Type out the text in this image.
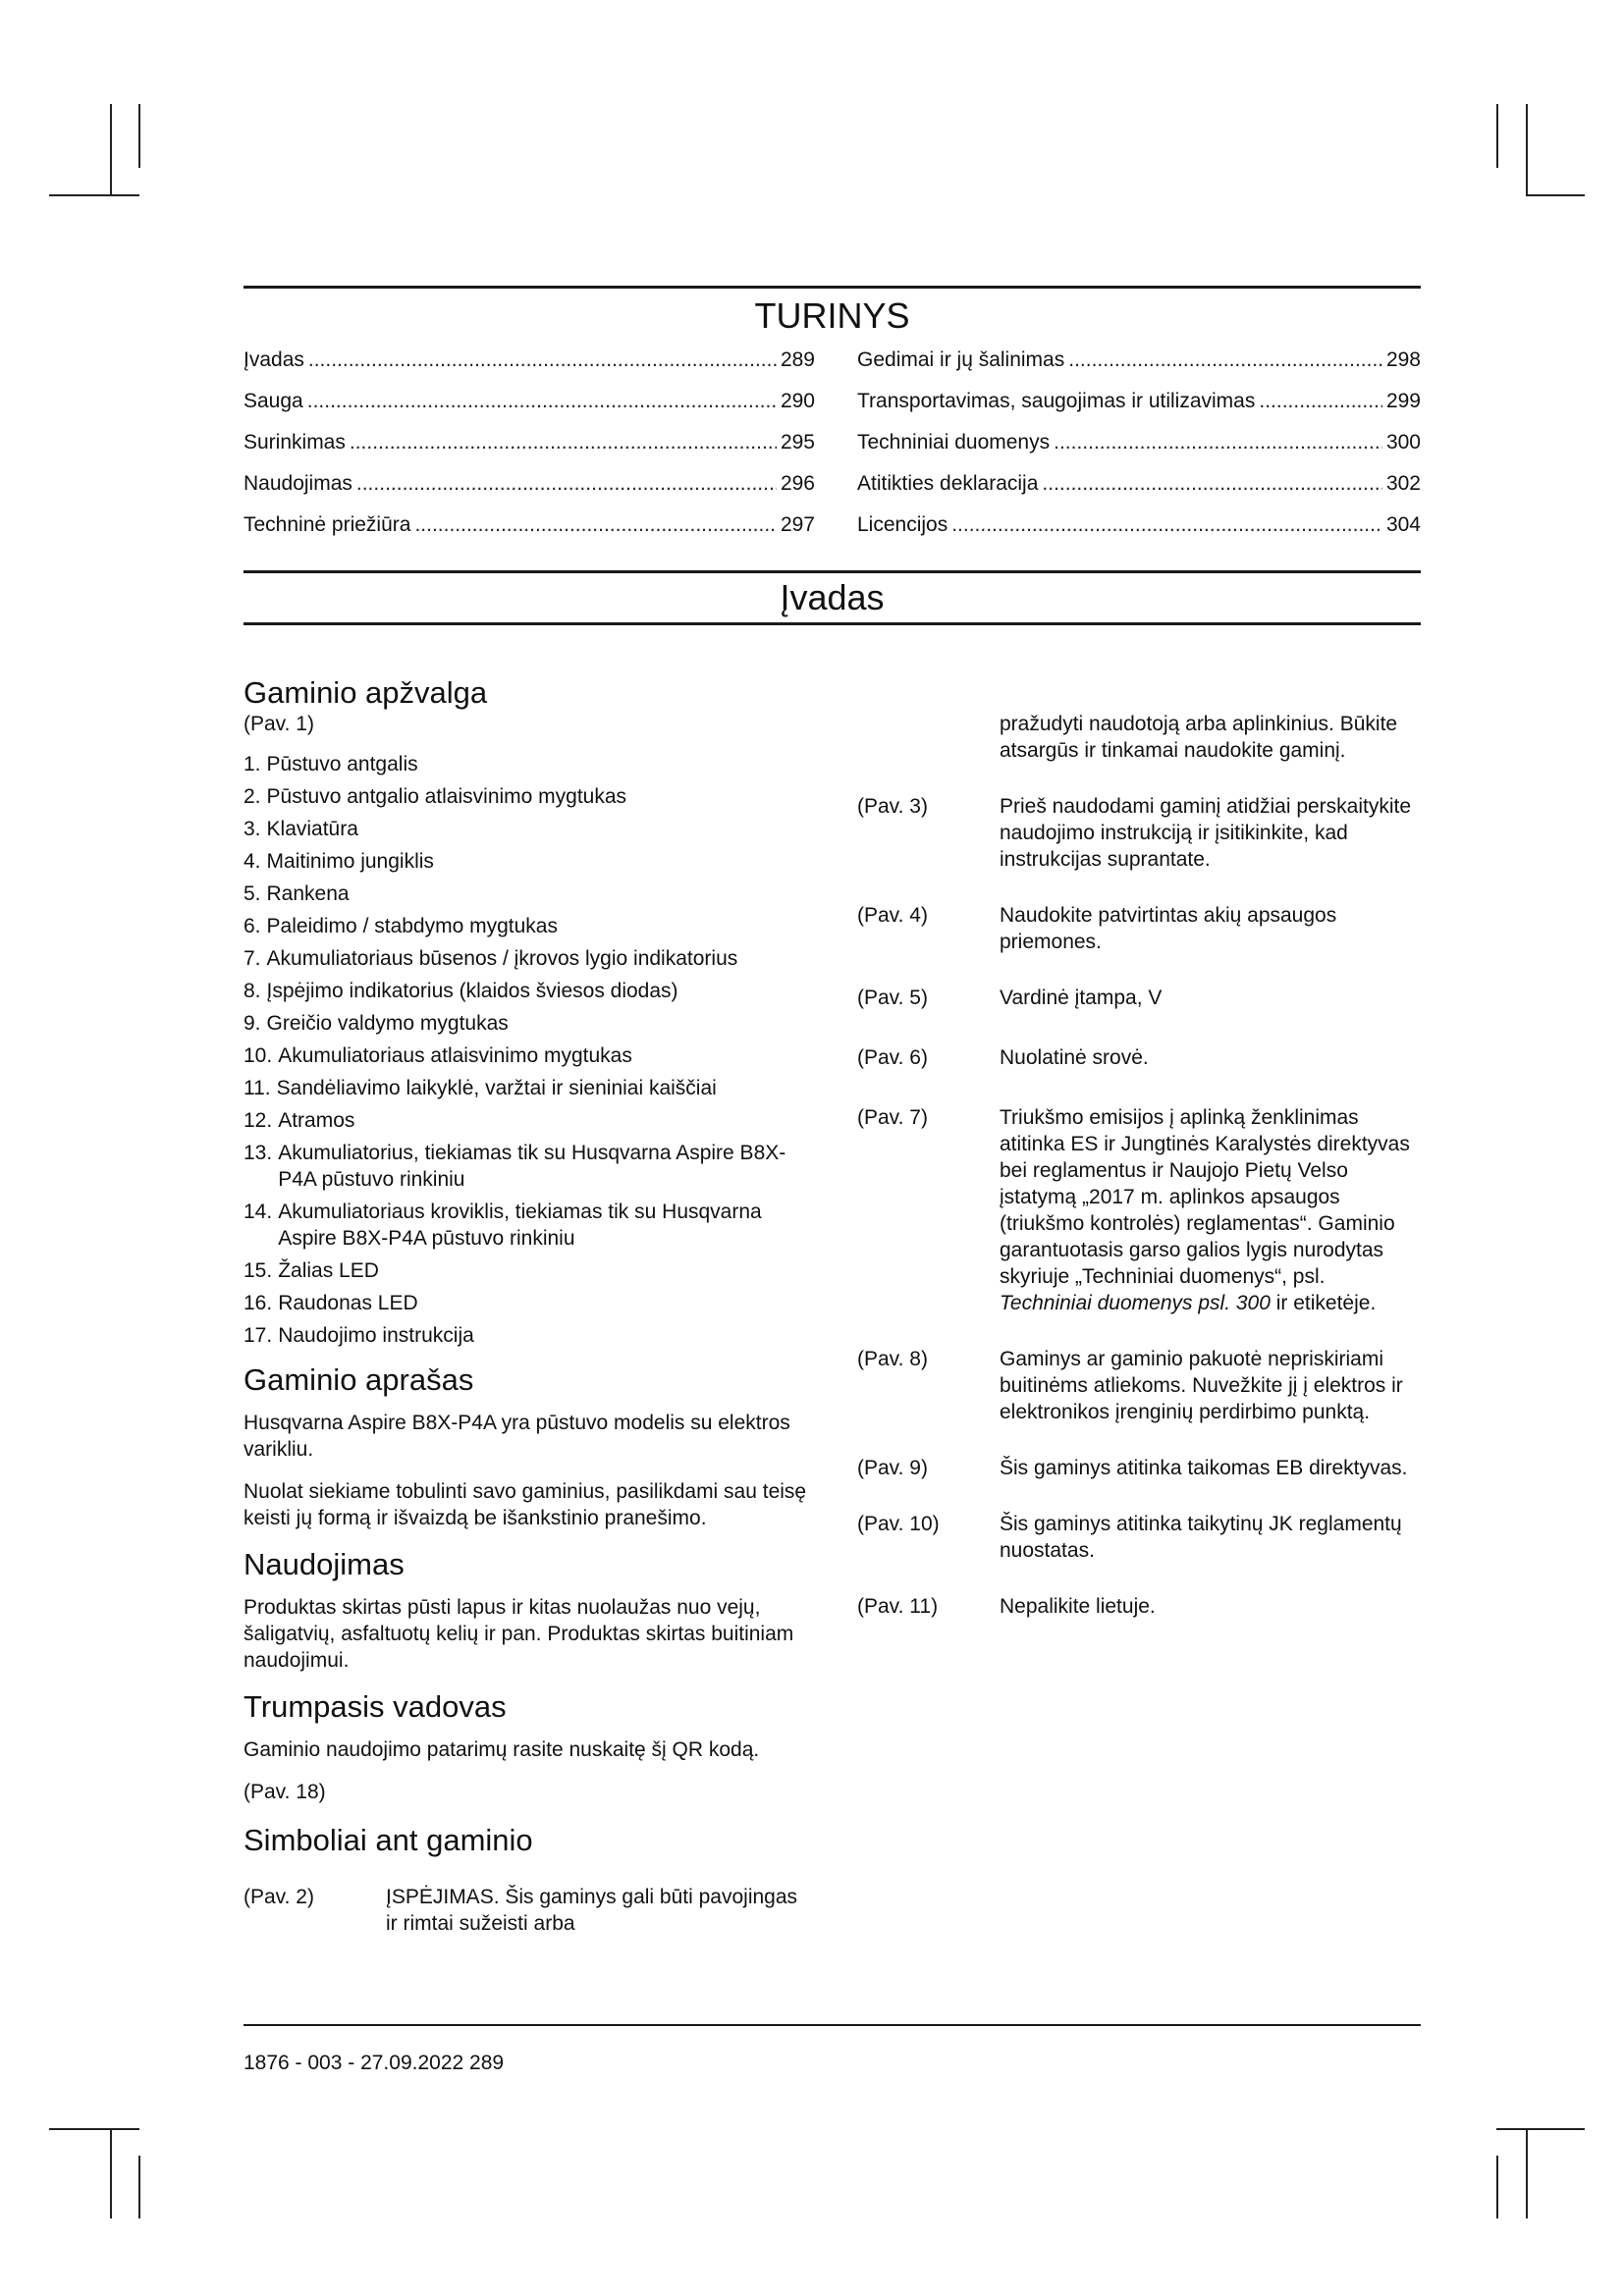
TURINYS
Įvadas .....	289
Sauga .....	290
Surinkimas .....	295
Naudojimas .....	296
Techninė priežiūra .....	297
Gedimai ir jų šalinimas .....	298
Transportavimas, saugojimas ir utilizavimas .....	299
Techniniai duomenys .....	300
Atitikties deklaracija .....	302
Licencijos .....	304
Įvadas
Gaminio apžvalga

(Pav. 1)

1. Pūstuvo antgalis
2. Pūstuvo antgalio atlaisvinimo mygtukas
3. Klaviatūra
4. Maitinimo jungiklis
5. Rankena
6. Paleidimo / stabdymo mygtukas
7. Akumuliatoriaus būsenos / įkrovos lygio indikatorius
8. Įspėjimo indikatorius (klaidos šviesos diodas)
9. Greičio valdymo mygtukas
10. Akumuliatoriaus atlaisvinimo mygtukas
11. Sandėliavimo laikyklė, varžtai ir sieniniai kaiščiai
12. Atramos
13. Akumuliatorius, tiekiamas tik su Husqvarna Aspire B8X-P4A pūstuvo rinkiniu
14. Akumuliatoriaus kroviklis, tiekiamas tik su Husqvarna Aspire B8X-P4A pūstuvo rinkiniu
15. Žalias LED
16. Raudonas LED
17. Naudojimo instrukcija
Gaminio aprašas

Husqvarna Aspire B8X-P4A yra pūstuvo modelis su elektros varikliu.

Nuolat siekiame tobulinti savo gaminius, pasilikdami sau teisę keisti jų formą ir išvaizdą be išankstinio pranešimo.

Naudojimas

Produktas skirtas pūsti lapus ir kitas nuolaužas nuo vejų, šaligatvių, asfaltuotų kelių ir pan. Produktas skirtas buitiniam naudojimui.

Trumpasis vadovas

Gaminio naudojimo patarimų rasite nuskaitę šį QR kodą.

(Pav. 18)

Simboliai ant gaminio
(Pav. 2)	ĮSPĖJIMAS. Šis gaminys gali būti pavojingas ir rimtai sužeisti arba
pražudyti naudotoją arba aplinkinius. Būkite atsargūs ir tinkamai naudokite gaminį.
(Pav. 3)	Prieš naudodami gaminį atidžiai perskaitykite naudojimo instrukciją ir įsitikinkite, kad instrukcijas suprantate.
(Pav. 4)	Naudokite patvirtintas akių apsaugos priemones.
(Pav. 5)	Vardinė įtampa, V
(Pav. 6)	Nuolatinė srovė.
(Pav. 7)	Triukšmo emisijos į aplinką ženklinimas atitinka ES ir Jungtinės Karalystės direktyvas bei reglamentus ir Naujojo Pietų Velso įstatymą „2017 m. aplinkos apsaugos (triukšmo kontrolės) reglamentas“. Gaminio garantuotasis garso galios lygis nurodytas skyriuje „Techniniai duomenys“, psl. Techniniai duomenys psl. 300 ir etiketėje.
(Pav. 8)	Gaminys ar gaminio pakuotė nepriskiriami buitinėms atliekoms. Nuvežkite jį į elektros ir elektronikos įrenginių perdirbimo punktą.
(Pav. 9)	Šis gaminys atitinka taikomas EB direktyvas.
(Pav. 10)	Šis gaminys atitinka taikytinų JK reglamentų nuostatas.
(Pav. 11)	Nepalikite lietuje.
1876 - 003 - 27.09.2022 289
